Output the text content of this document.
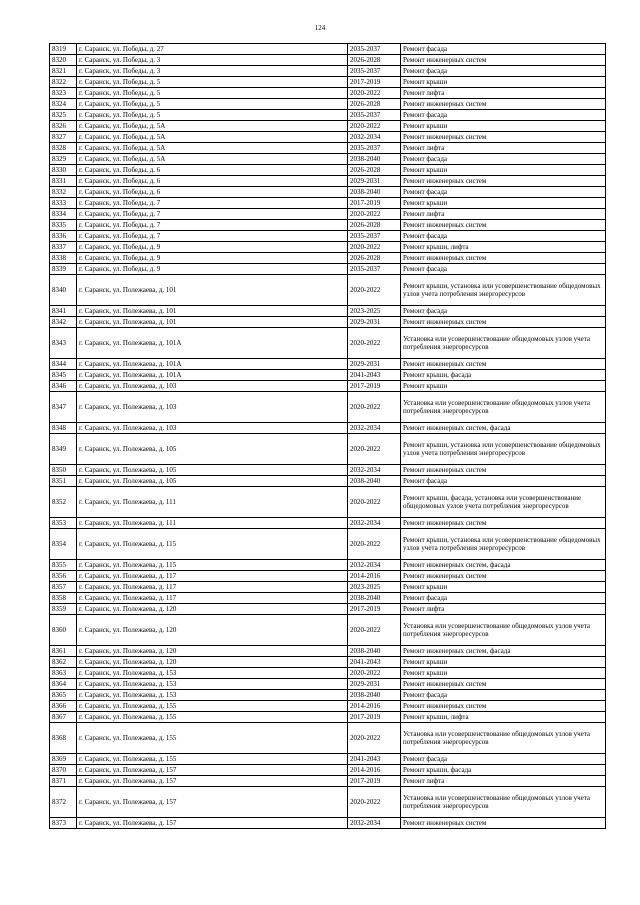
124
8319	г. Саранск, ул. Победы, д. 27	2035-2037	Ремонт фасада
8320	г. Саранск, ул. Победы, д. 3	2026-2028	Ремонт инженерных систем
8321	г. Саранск, ул. Победы, д. 3	2035-2037	Ремонт фасада
8322	г. Саранск, ул. Победы, д. 5	2017-2019	Ремонт крыши
8323	г. Саранск, ул. Победы, д. 5	2020-2022	Ремонт лифта
8324	г. Саранск, ул. Победы, д. 5	2026-2028	Ремонт инженерных систем
8325	г. Саранск, ул. Победы, д. 5	2035-2037	Ремонт фасада
8326	г. Саранск, ул. Победы, д. 5А	2020-2022	Ремонт крыши
8327	г. Саранск, ул. Победы, д. 5А	2032-2034	Ремонт инженерных систем
8328	г. Саранск, ул. Победы, д. 5А	2035-2037	Ремонт лифта
8329	г. Саранск, ул. Победы, д. 5А	2038-2040	Ремонт фасада
8330	г. Саранск, ул. Победы, д. 6	2026-2028	Ремонт крыши
8331	г. Саранск, ул. Победы, д. 6	2029-2031	Ремонт инженерных систем
8332	г. Саранск, ул. Победы, д. 6	2038-2040	Ремонт фасада
8333	г. Саранск, ул. Победы, д. 7	2017-2019	Ремонт крыши
8334	г. Саранск, ул. Победы, д. 7	2020-2022	Ремонт лифта
8335	г. Саранск, ул. Победы, д. 7	2026-2028	Ремонт инженерных систем
8336	г. Саранск, ул. Победы, д. 7	2035-2037	Ремонт фасада
8337	г. Саранск, ул. Победы, д. 9	2020-2022	Ремонт крыши, лифта
8338	г. Саранск, ул. Победы, д. 9	2026-2028	Ремонт инженерных систем
8339	г. Саранск, ул. Победы, д. 9	2035-2037	Ремонт фасада
8340	г. Саранск, ул. Полежаева, д. 101	2020-2022	Ремонт крыши, установка или усовершенствование общедомовых узлов учета потребления энергоресурсов
8341	г. Саранск, ул. Полежаева, д. 101	2023-2025	Ремонт фасада
8342	г. Саранск, ул. Полежаева, д. 101	2029-2031	Ремонт инженерных систем
8343	г. Саранск, ул. Полежаева, д. 101А	2020-2022	Установка или усовершенствование общедомовых узлов учета потребления энергоресурсов
8344	г. Саранск, ул. Полежаева, д. 101А	2029-2031	Ремонт инженерных систем
8345	г. Саранск, ул. Полежаева, д. 101А	2041-2043	Ремонт крыши, фасада
8346	г. Саранск, ул. Полежаева, д. 103	2017-2019	Ремонт крыши
8347	г. Саранск, ул. Полежаева, д. 103	2020-2022	Установка или усовершенствование общедомовых узлов учета потребления энергоресурсов
8348	г. Саранск, ул. Полежаева, д. 103	2032-2034	Ремонт инженерных систем, фасада
8349	г. Саранск, ул. Полежаева, д. 105	2020-2022	Ремонт крыши, установка или усовершенствование общедомовых узлов учета потребления энергоресурсов
8350	г. Саранск, ул. Полежаева, д. 105	2032-2034	Ремонт инженерных систем
8351	г. Саранск, ул. Полежаева, д. 105	2038-2040	Ремонт фасада
8352	г. Саранск, ул. Полежаева, д. 111	2020-2022	Ремонт крыши, фасада, установка или усовершенствование общедомовых узлов учета потребления энергоресурсов
8353	г. Саранск, ул. Полежаева, д. 111	2032-2034	Ремонт инженерных систем
8354	г. Саранск, ул. Полежаева, д. 115	2020-2022	Ремонт крыши, установка или усовершенствование общедомовых узлов учета потребления энергоресурсов
8355	г. Саранск, ул. Полежаева, д. 115	2032-2034	Ремонт инженерных систем, фасада
8356	г. Саранск, ул. Полежаева, д. 117	2014-2016	Ремонт инженерных систем
8357	г. Саранск, ул. Полежаева, д. 117	2023-2025	Ремонт крыши
8358	г. Саранск, ул. Полежаева, д. 117	2038-2040	Ремонт фасада
8359	г. Саранск, ул. Полежаева, д. 120	2017-2019	Ремонт лифта
8360	г. Саранск, ул. Полежаева, д. 120	2020-2022	Установка или усовершенствование общедомовых узлов учета потребления энергоресурсов
8361	г. Саранск, ул. Полежаева, д. 120	2038-2040	Ремонт инженерных систем, фасада
8362	г. Саранск, ул. Полежаева, д. 120	2041-2043	Ремонт крыши
8363	г. Саранск, ул. Полежаева, д. 153	2020-2022	Ремонт крыши
8364	г. Саранск, ул. Полежаева, д. 153	2029-2031	Ремонт инженерных систем
8365	г. Саранск, ул. Полежаева, д. 153	2038-2040	Ремонт фасада
8366	г. Саранск, ул. Полежаева, д. 155	2014-2016	Ремонт инженерных систем
8367	г. Саранск, ул. Полежаева, д. 155	2017-2019	Ремонт крыши, лифта
8368	г. Саранск, ул. Полежаева, д. 155	2020-2022	Установка или усовершенствование общедомовых узлов учета потребления энергоресурсов
8369	г. Саранск, ул. Полежаева, д. 155	2041-2043	Ремонт фасада
8370	г. Саранск, ул. Полежаева, д. 157	2014-2016	Ремонт крыши, фасада
8371	г. Саранск, ул. Полежаева, д. 157	2017-2019	Ремонт лифта
8372	г. Саранск, ул. Полежаева, д. 157	2020-2022	Установка или усовершенствование общедомовых узлов учета потребления энергоресурсов
8373	г. Саранск, ул. Полежаева, д. 157	2032-2034	Ремонт инженерных систем
